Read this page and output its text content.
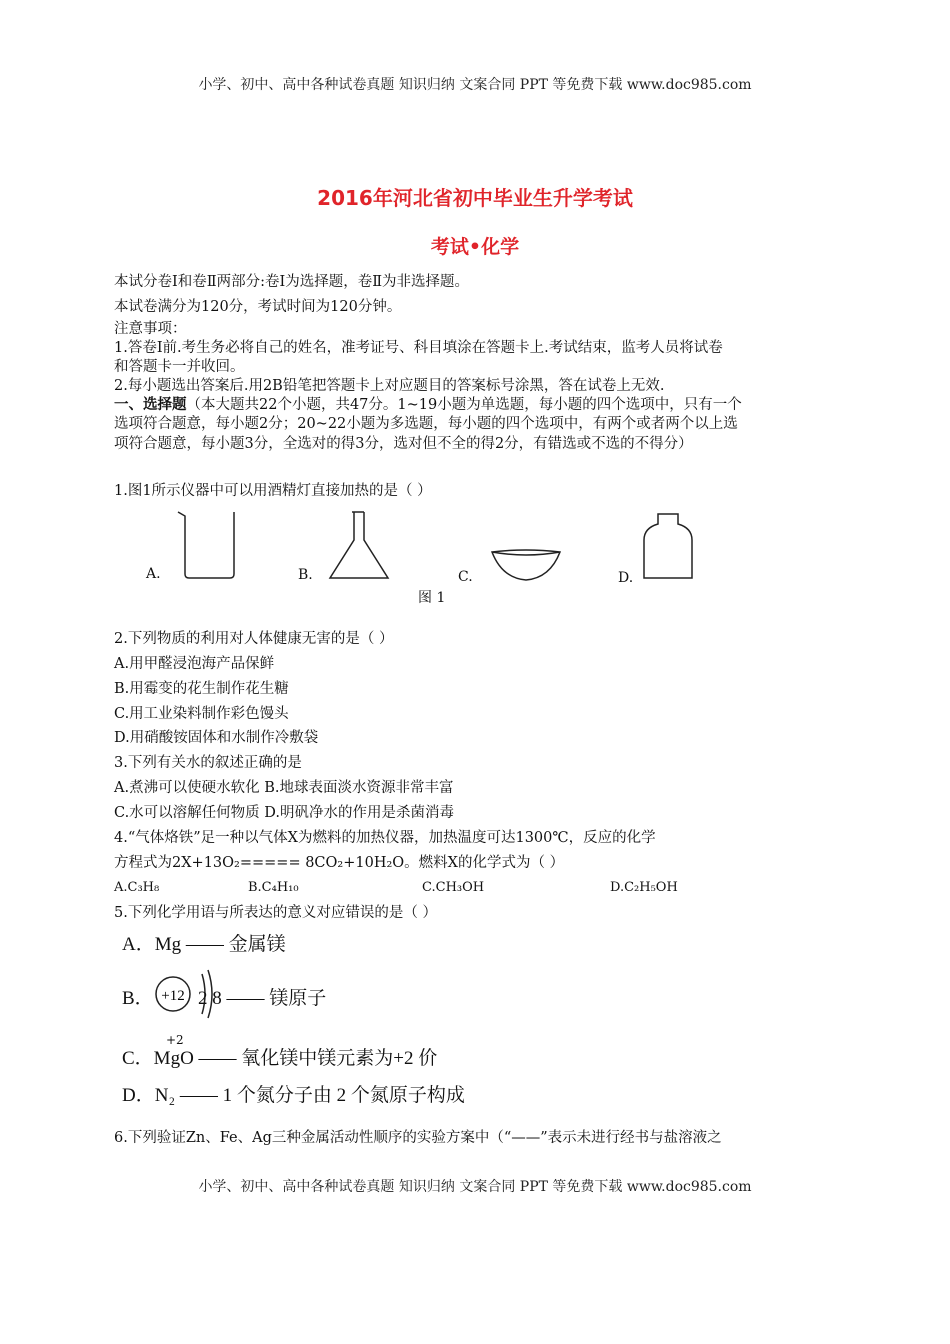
小学、初中、高中各种试卷真题 知识归纳 文案合同 PPT 等免费下载 www.doc985.com
2016年河北省初中毕业生升学考试
考试•化学
本试分卷Ⅰ和卷Ⅱ两部分:卷Ⅰ为选择题，卷Ⅱ为非选择题。
本试卷满分为120分，考试时间为120分钟。
注意事项：
1.答卷Ⅰ前.考生务必将自己的姓名，准考证号、科目填涂在答题卡上.考试结束，监考人员将试卷
和答题卡一并收回。
2.每小题选出答案后.用2B铅笔把答题卡上对应题目的答案标号涂黑，答在试卷上无效.
一、选择题（本大题共22个小题，共47分。1~19小题为单选题，每小题的四个选项中，只有一个
选项符合题意，每小题2分；20~22小题为多选题，每小题的四个选项中，有两个或者两个以上选
项符合题意，每小题3分，全选对的得3分，选对但不全的得2分，有错选或不选的不得分）
1.图1所示仪器中可以用酒精灯直接加热的是（ ）
A.	B.	C.	D.
图 1
2.下列物质的利用对人体健康无害的是（ ）
A.用甲醛浸泡海产品保鲜
B.用霉变的花生制作花生糖
C.用工业染料制作彩色馒头
D.用硝酸铵固体和水制作冷敷袋
3.下列有关水的叙述正确的是
A.煮沸可以使硬水软化 B.地球表面淡水资源非常丰富
C.水可以溶解任何物质 D.明矾净水的作用是杀菌消毒
4.“气体烙铁”足一种以气体X为燃料的加热仪器，加热温度可达1300℃，反应的化学
方程式为2X+13O₂===== 8CO₂+10H₂O。燃料X的化学式为（ ）
A.C₃H₈	B.C₄H₁₀	C.CH₃OH	D.C₂H₅OH
5.下列化学用语与所表达的意义对应错误的是（ ）
A．Mg —— 金属镁
B． +12 2 8 —— 镁原子
+2
C．MgO —— 氧化镁中镁元素为+2 价
D．N₂ —— 1 个氮分子由 2 个氮原子构成
6.下列验证Zn、Fe、Ag三种金属活动性顺序的实验方案中（“——”表示未进行经书与盐溶液之
小学、初中、高中各种试卷真题 知识归纳 文案合同 PPT 等免费下载 www.doc985.com
